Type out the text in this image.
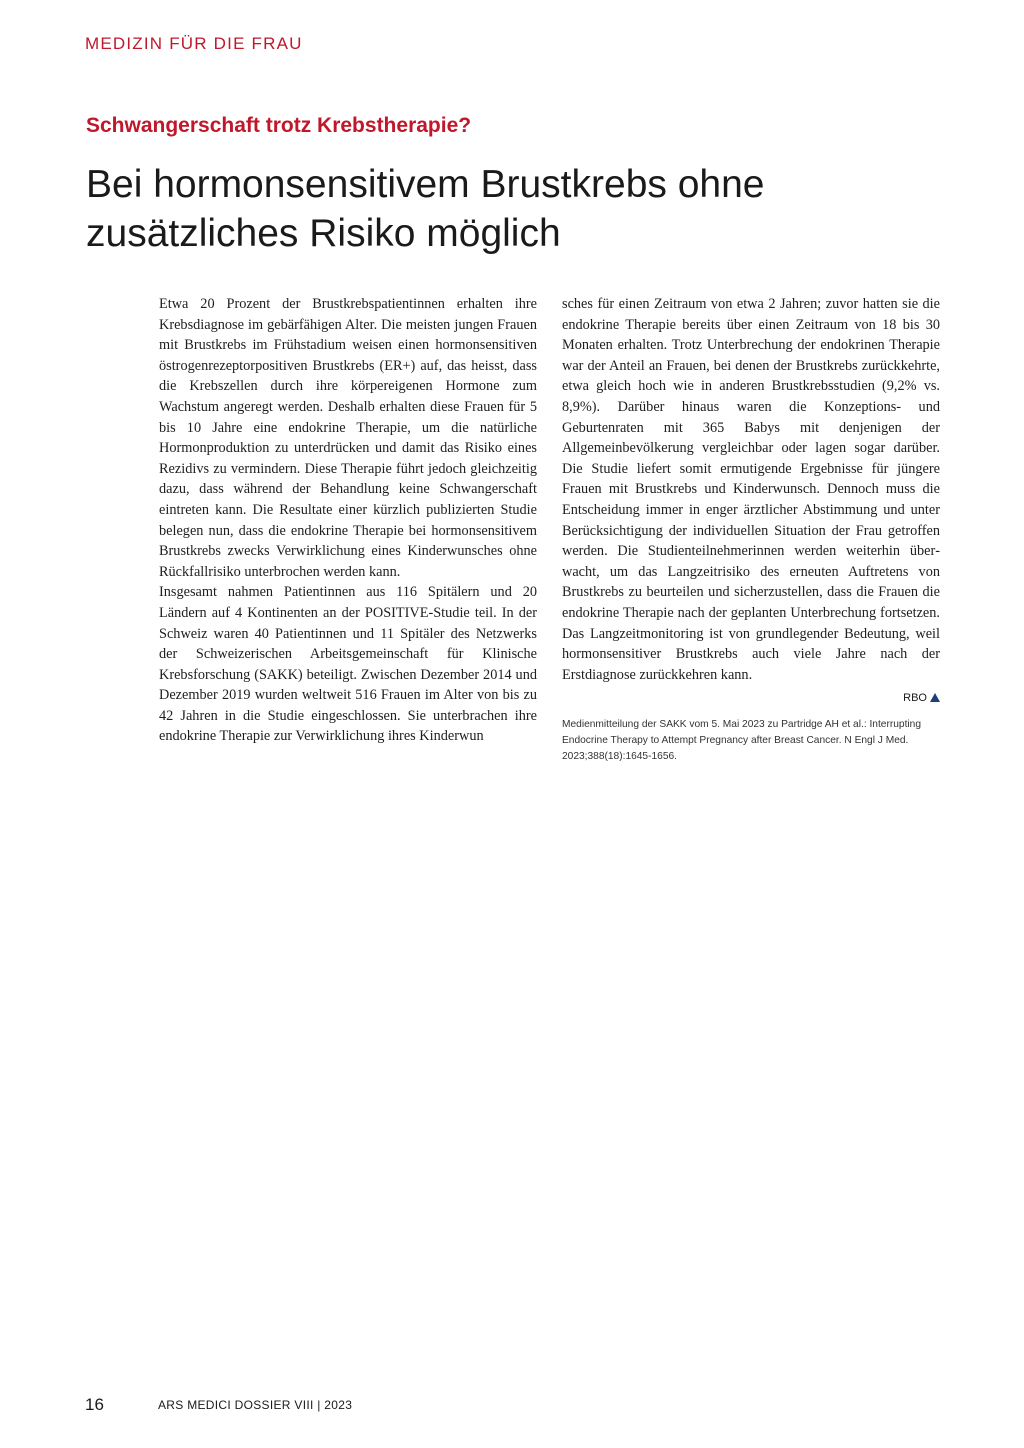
MEDIZIN FÜR DIE FRAU
Schwangerschaft trotz Krebstherapie?
Bei hormonsensitivem Brustkrebs ohne
zusätzliches Risiko möglich

Etwa 20 Prozent der Brustkrebspatientinnen erhalten ihre Krebsdiagnose im gebärfähigen Alter. Die meisten jungen Frauen mit Brustkrebs im Frühstadium weisen einen hormonsensitiven östrogenrezeptorpositiven Brustkrebs (ER+) auf, das heisst, dass die Krebszellen durch ihre körpereigenen Hormone zum Wachstum angeregt werden. Deshalb erhalten diese Frauen für 5 bis 10 Jahre eine endokrine Therapie, um die natürliche Hormonproduktion zu unterdrücken und damit das Risiko eines Rezidivs zu vermindern. Diese Therapie führt jedoch gleichzeitig dazu, dass während der Behandlung keine Schwangerschaft eintreten kann. Die Resultate einer kürzlich publizierten Studie belegen nun, dass die endokrine Therapie bei hormonsensitivem Brustkrebs zwecks Verwirklichung eines Kinderwunsches ohne Rückfallrisiko unterbrochen werden kann.

Insgesamt nahmen Patientinnen aus 116 Spitälern und 20 Ländern auf 4 Kontinenten an der POSITIVE-Studie teil. In der Schweiz waren 40 Patientinnen und 11 Spitäler des Netzwerks der Schweizerischen Arbeitsgemeinschaft für Klinische Krebsforschung (SAKK) beteiligt. Zwischen Dezember 2014 und Dezember 2019 wurden weltweit 516 Frauen im Alter von bis zu 42 Jahren in die Studie eingeschlossen. Sie unterbrachen ihre endokrine Therapie zur Verwirklichung ihres Kinderwun

sches für einen Zeitraum von etwa 2 Jahren; zuvor hatten sie die endokrine Therapie bereits über einen Zeitraum von 18 bis 30 Monaten erhalten. Trotz Unterbrechung der endokrinen Therapie war der Anteil an Frauen, bei denen der Brustkrebs zurückkehrte, etwa gleich hoch wie in anderen Brustkrebsstudien (9,2% vs. 8,9%). Darüber hinaus waren die Konzeptions- und Geburtenraten mit 365 Babys mit denjenigen der Allgemeinbevölkerung vergleichbar oder lagen sogar darüber. Die Studie liefert somit ermutigende Ergebnisse für jüngere Frauen mit Brustkrebs und Kinderwunsch. Dennoch muss die Entscheidung immer in enger ärztlicher Abstimmung und unter Berücksichtigung der individuellen Situation der Frau getroffen werden. Die Studienteilnehmerinnen werden weiterhin überwacht, um das Langzeitrisiko des erneuten Auftretens von Brustkrebs zu beurteilen und sicherzustellen, dass die Frauen die endokrine Therapie nach der geplanten Unterbrechung fortsetzen. Das Langzeitmonitoring ist von grundlegender Bedeutung, weil hormonsensitiver Brustkrebs auch viele Jahre nach der Erstdiagnose zurückkehren kann.

RBO
Medienmitteilung der SAKK vom 5. Mai 2023 zu Partridge AH et al.: Interrupting Endocrine Therapy to Attempt Pregnancy after Breast Cancer. N Engl J Med. 2023;388(18):1645-1656.
16	ARS MEDICI DOSSIER VIII | 2023
